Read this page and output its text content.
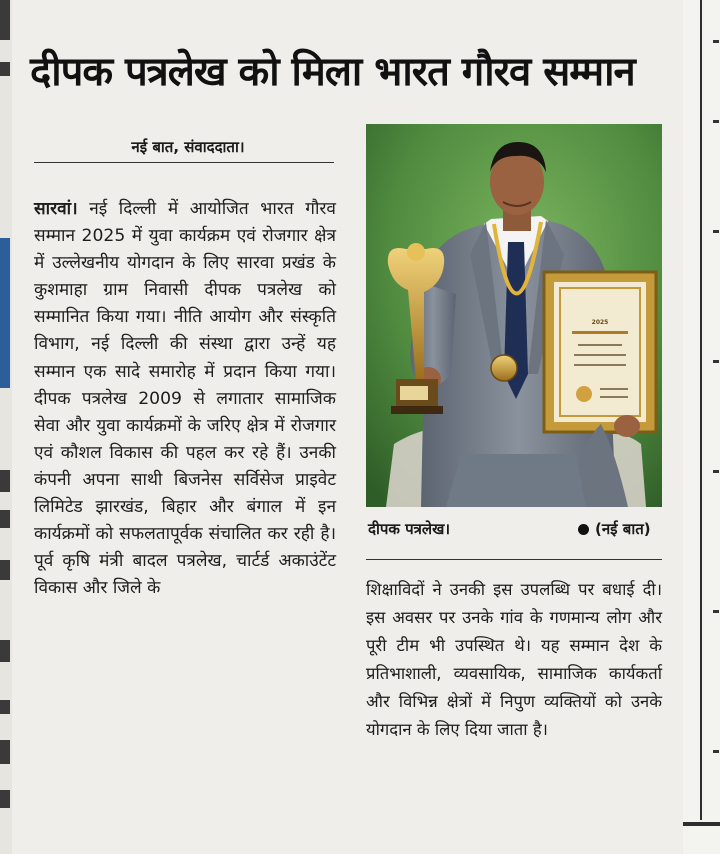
दीपक पत्रलेख को मिला भारत गौरव सम्मान
नई बात, संवाददाता।
सारवां। नई दिल्ली में आयोजित भारत गौरव सम्मान 2025 में युवा कार्यक्रम एवं रोजगार क्षेत्र में उल्लेखनीय योगदान के लिए सारवा प्रखंड के कुशमाहा ग्राम निवासी दीपक पत्रलेख को सम्मानित किया गया। नीति आयोग और संस्कृति विभाग, नई दिल्ली की संस्था द्वारा उन्हें यह सम्मान एक सादे समारोह में प्रदान किया गया। दीपक पत्रलेख 2009 से लगातार सामाजिक सेवा और युवा कार्यक्रमों के जरिए क्षेत्र में रोजगार एवं कौशल विकास की पहल कर रहे हैं। उनकी कंपनी अपना साथी बिजनेस सर्विसेज प्राइवेट लिमिटेड झारखंड, बिहार और बंगाल में इन कार्यक्रमों को सफलतापूर्वक संचालित कर रही है। पूर्व कृषि मंत्री बादल पत्रलेख, चार्टर्ड अकाउंटेंट विकास और जिले के
2025
दीपक पत्रलेख।	(नई बात)
शिक्षाविदों ने उनकी इस उपलब्धि पर बधाई दी। इस अवसर पर उनके गांव के गणमान्य लोग और पूरी टीम भी उपस्थित थे। यह सम्मान देश के प्रतिभाशाली, व्यवसायिक, सामाजिक कार्यकर्ता और विभिन्न क्षेत्रों में निपुण व्यक्तियों को उनके योगदान के लिए दिया जाता है।
